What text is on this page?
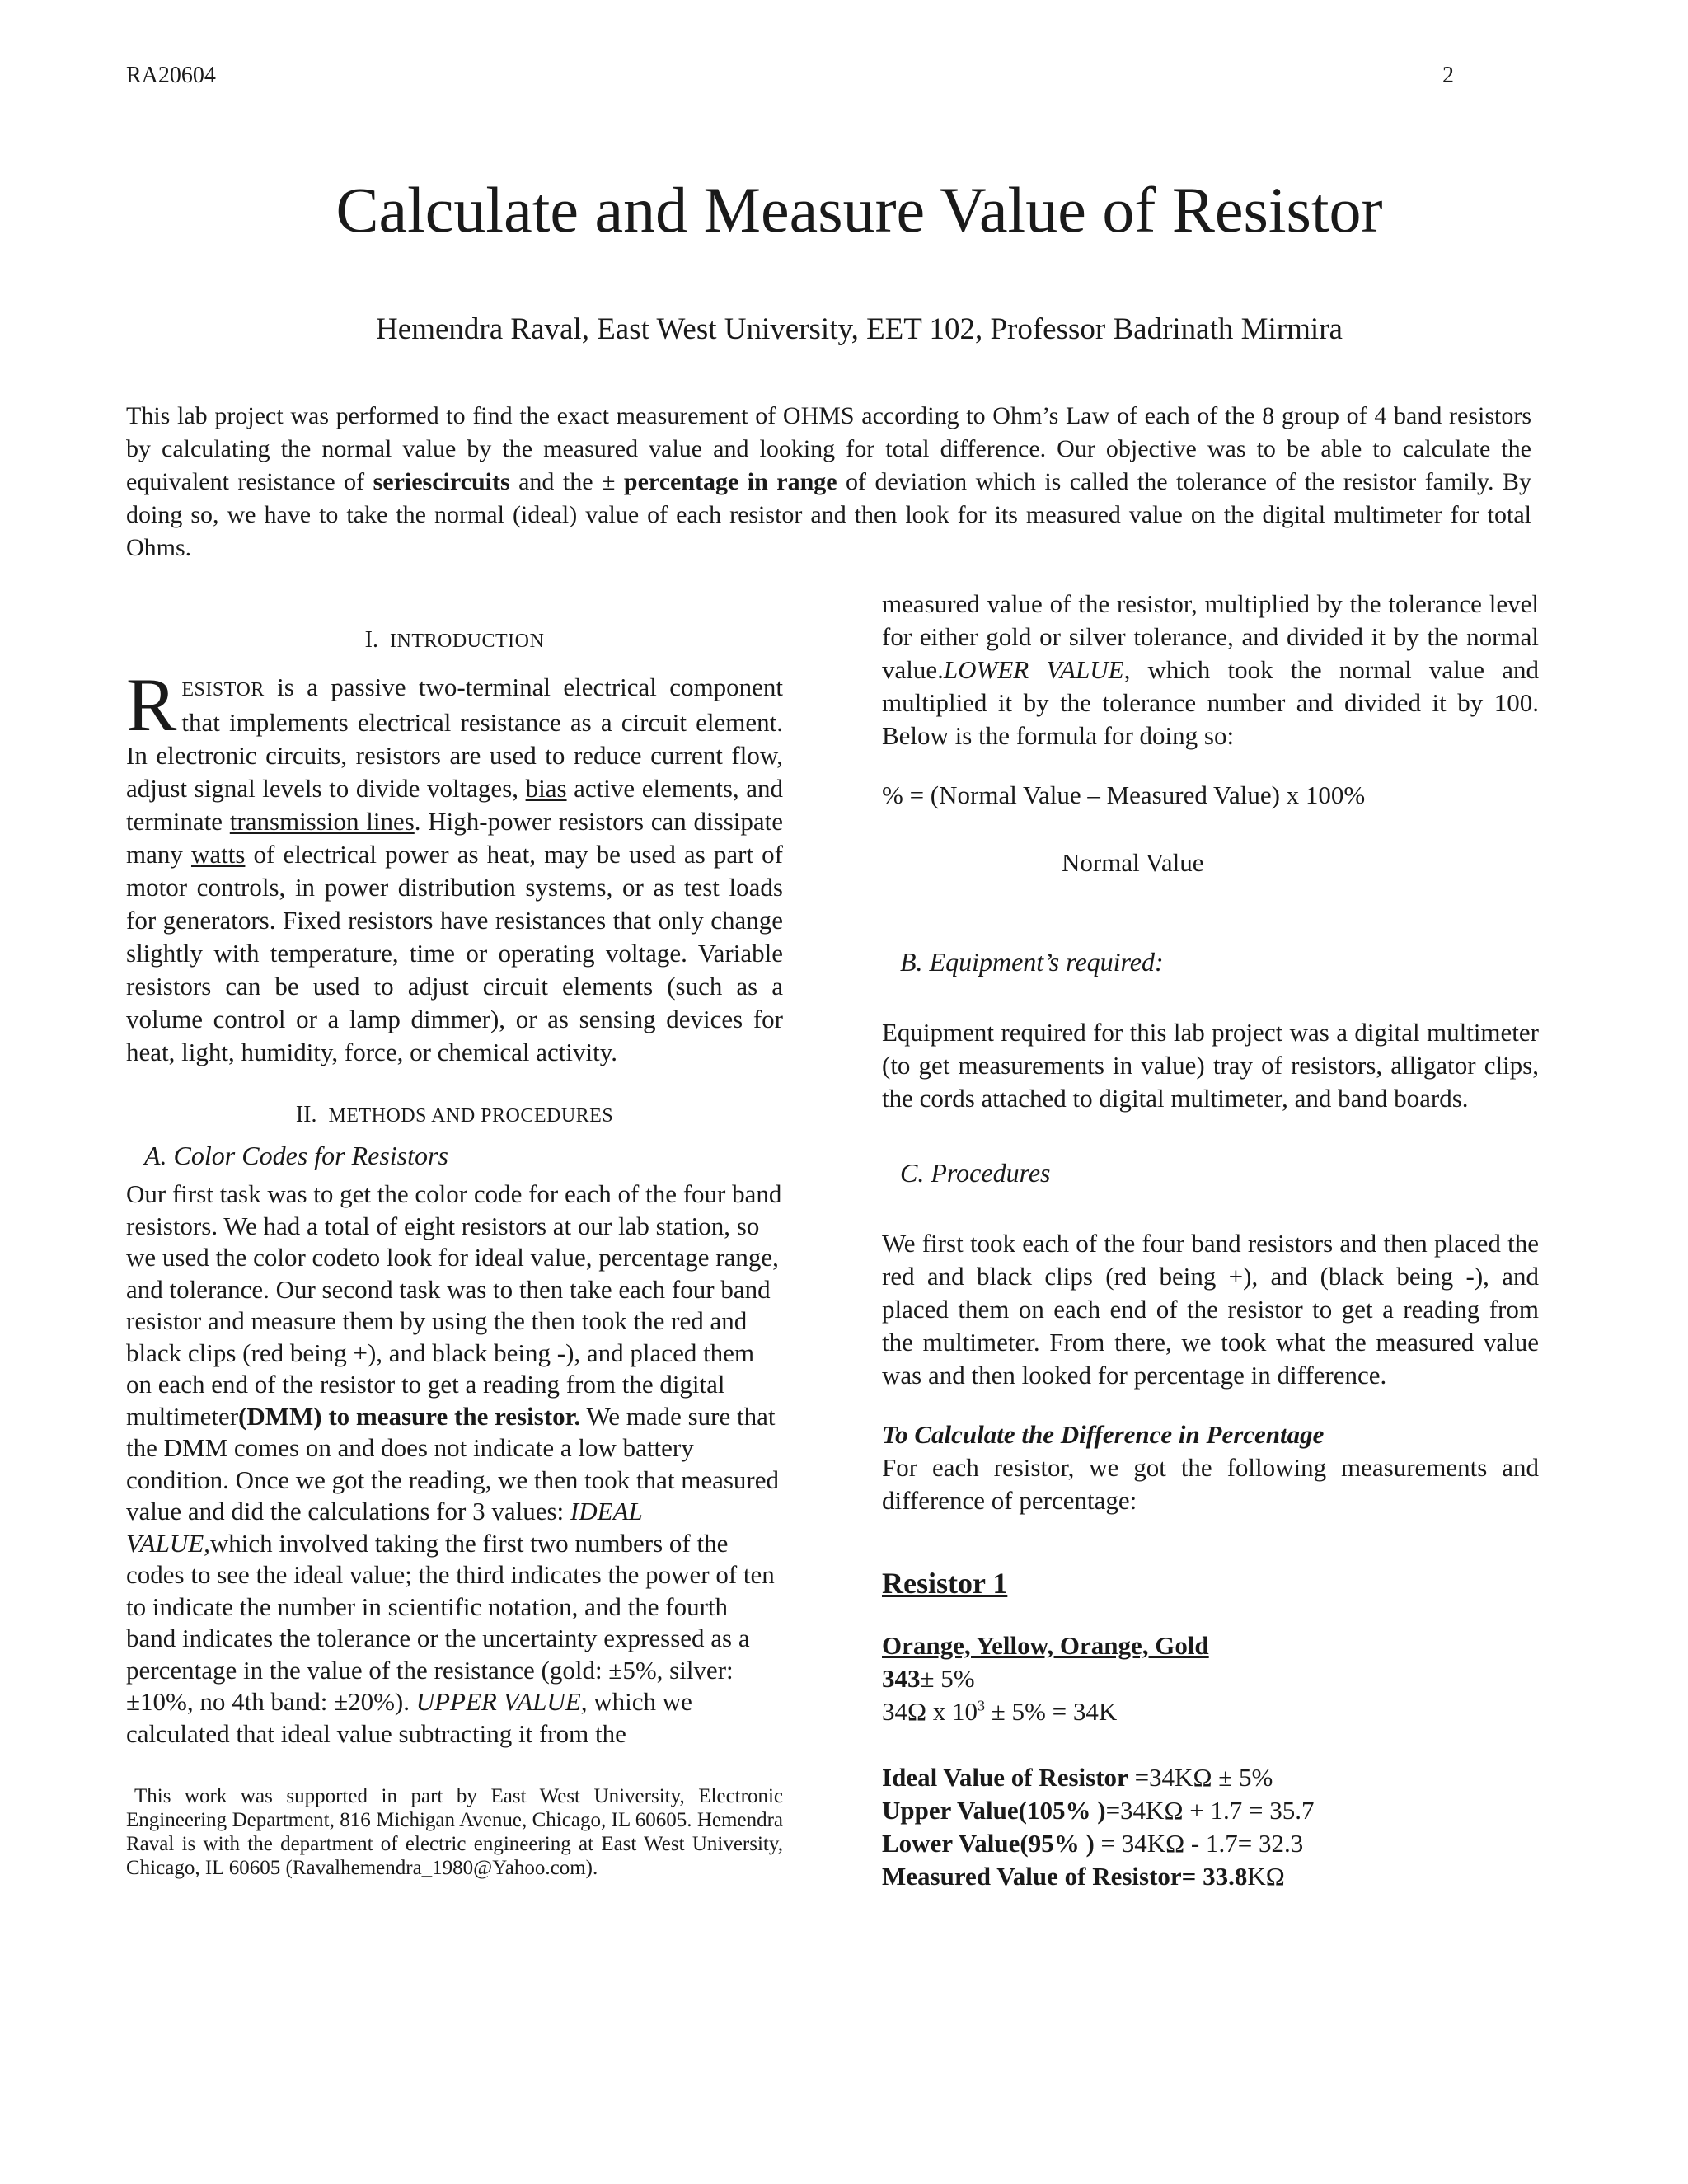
RA20604	2
Calculate and Measure Value of Resistor
Hemendra Raval, East West University, EET 102, Professor Badrinath Mirmira
This lab project was performed to find the exact measurement of OHMS according to Ohm’s Law of each of the 8 group of 4 band resistors by calculating the normal value by the measured value and looking for total difference. Our objective was to be able to calculate the equivalent resistance of seriescircuits and the ± percentage in range of deviation which is called the tolerance of the resistor family. By doing so, we have to take the normal (ideal) value of each resistor and then look for its measured value on the digital multimeter for total Ohms.

I. INTRODUCTION

RESISTOR is a passive two-terminal electrical component that implements electrical resistance as a circuit element. In electronic circuits, resistors are used to reduce current flow, adjust signal levels to divide voltages, bias active elements, and terminate transmission lines. High-power resistors can dissipate many watts of electrical power as heat, may be used as part of motor controls, in power distribution systems, or as test loads for generators. Fixed resistors have resistances that only change slightly with temperature, time or operating voltage. Variable resistors can be used to adjust circuit elements (such as a volume control or a lamp dimmer), or as sensing devices for heat, light, humidity, force, or chemical activity.

II. METHODS AND PROCEDURES

A. Color Codes for Resistors

Our first task was to get the color code for each of the four band resistors. We had a total of eight resistors at our lab station, so we used the color codeto look for ideal value, percentage range, and tolerance. Our second task was to then take each four band resistor and measure them by using the then took the red and black clips (red being +), and black being -), and placed them on each end of the resistor to get a reading from the digital multimeter(DMM) to measure the resistor. We made sure that the DMM comes on and does not indicate a low battery condition. Once we got the reading, we then took that measured value and did the calculations for 3 values: IDEAL VALUE,which involved taking the first two numbers of the codes to see the ideal value; the third indicates the power of ten to indicate the number in scientific notation, and the fourth band indicates the tolerance or the uncertainty expressed as a percentage in the value of the resistance (gold: ±5%, silver: ±10%, no 4th band: ±20%). UPPER VALUE, which we calculated that ideal value subtracting it from the

This work was supported in part by East West University, Electronic Engineering Department, 816 Michigan Avenue, Chicago, IL 60605. Hemendra Raval is with the department of electric engineering at East West University, Chicago, IL 60605 (Ravalhemendra_1980@Yahoo.com).

measured value of the resistor, multiplied by the tolerance level for either gold or silver tolerance, and divided it by the normal value.LOWER VALUE, which took the normal value and multiplied it by the tolerance number and divided it by 100. Below is the formula for doing so:

% = (Normal Value – Measured Value) x 100%

Normal Value

B. Equipment’s required:

Equipment required for this lab project was a digital multimeter (to get measurements in value) tray of resistors, alligator clips, the cords attached to digital multimeter, and band boards.

C. Procedures

We first took each of the four band resistors and then placed the red and black clips (red being +), and (black being -), and placed them on each end of the resistor to get a reading from the multimeter. From there, we took what the measured value was and then looked for percentage in difference.

To Calculate the Difference in Percentage

For each resistor, we got the following measurements and difference of percentage:

Resistor 1

Orange, Yellow, Orange, Gold

343± 5%

34Ω x $10^3 \pm 5\% = 34K$

Ideal Value of Resistor =34KΩ ± 5%

Upper Value(105% )=34KΩ + 1.7 = 35.7

Lower Value(95% ) = 34KΩ - 1.7= 32.3

Measured Value of Resistor= 33.8KΩ
